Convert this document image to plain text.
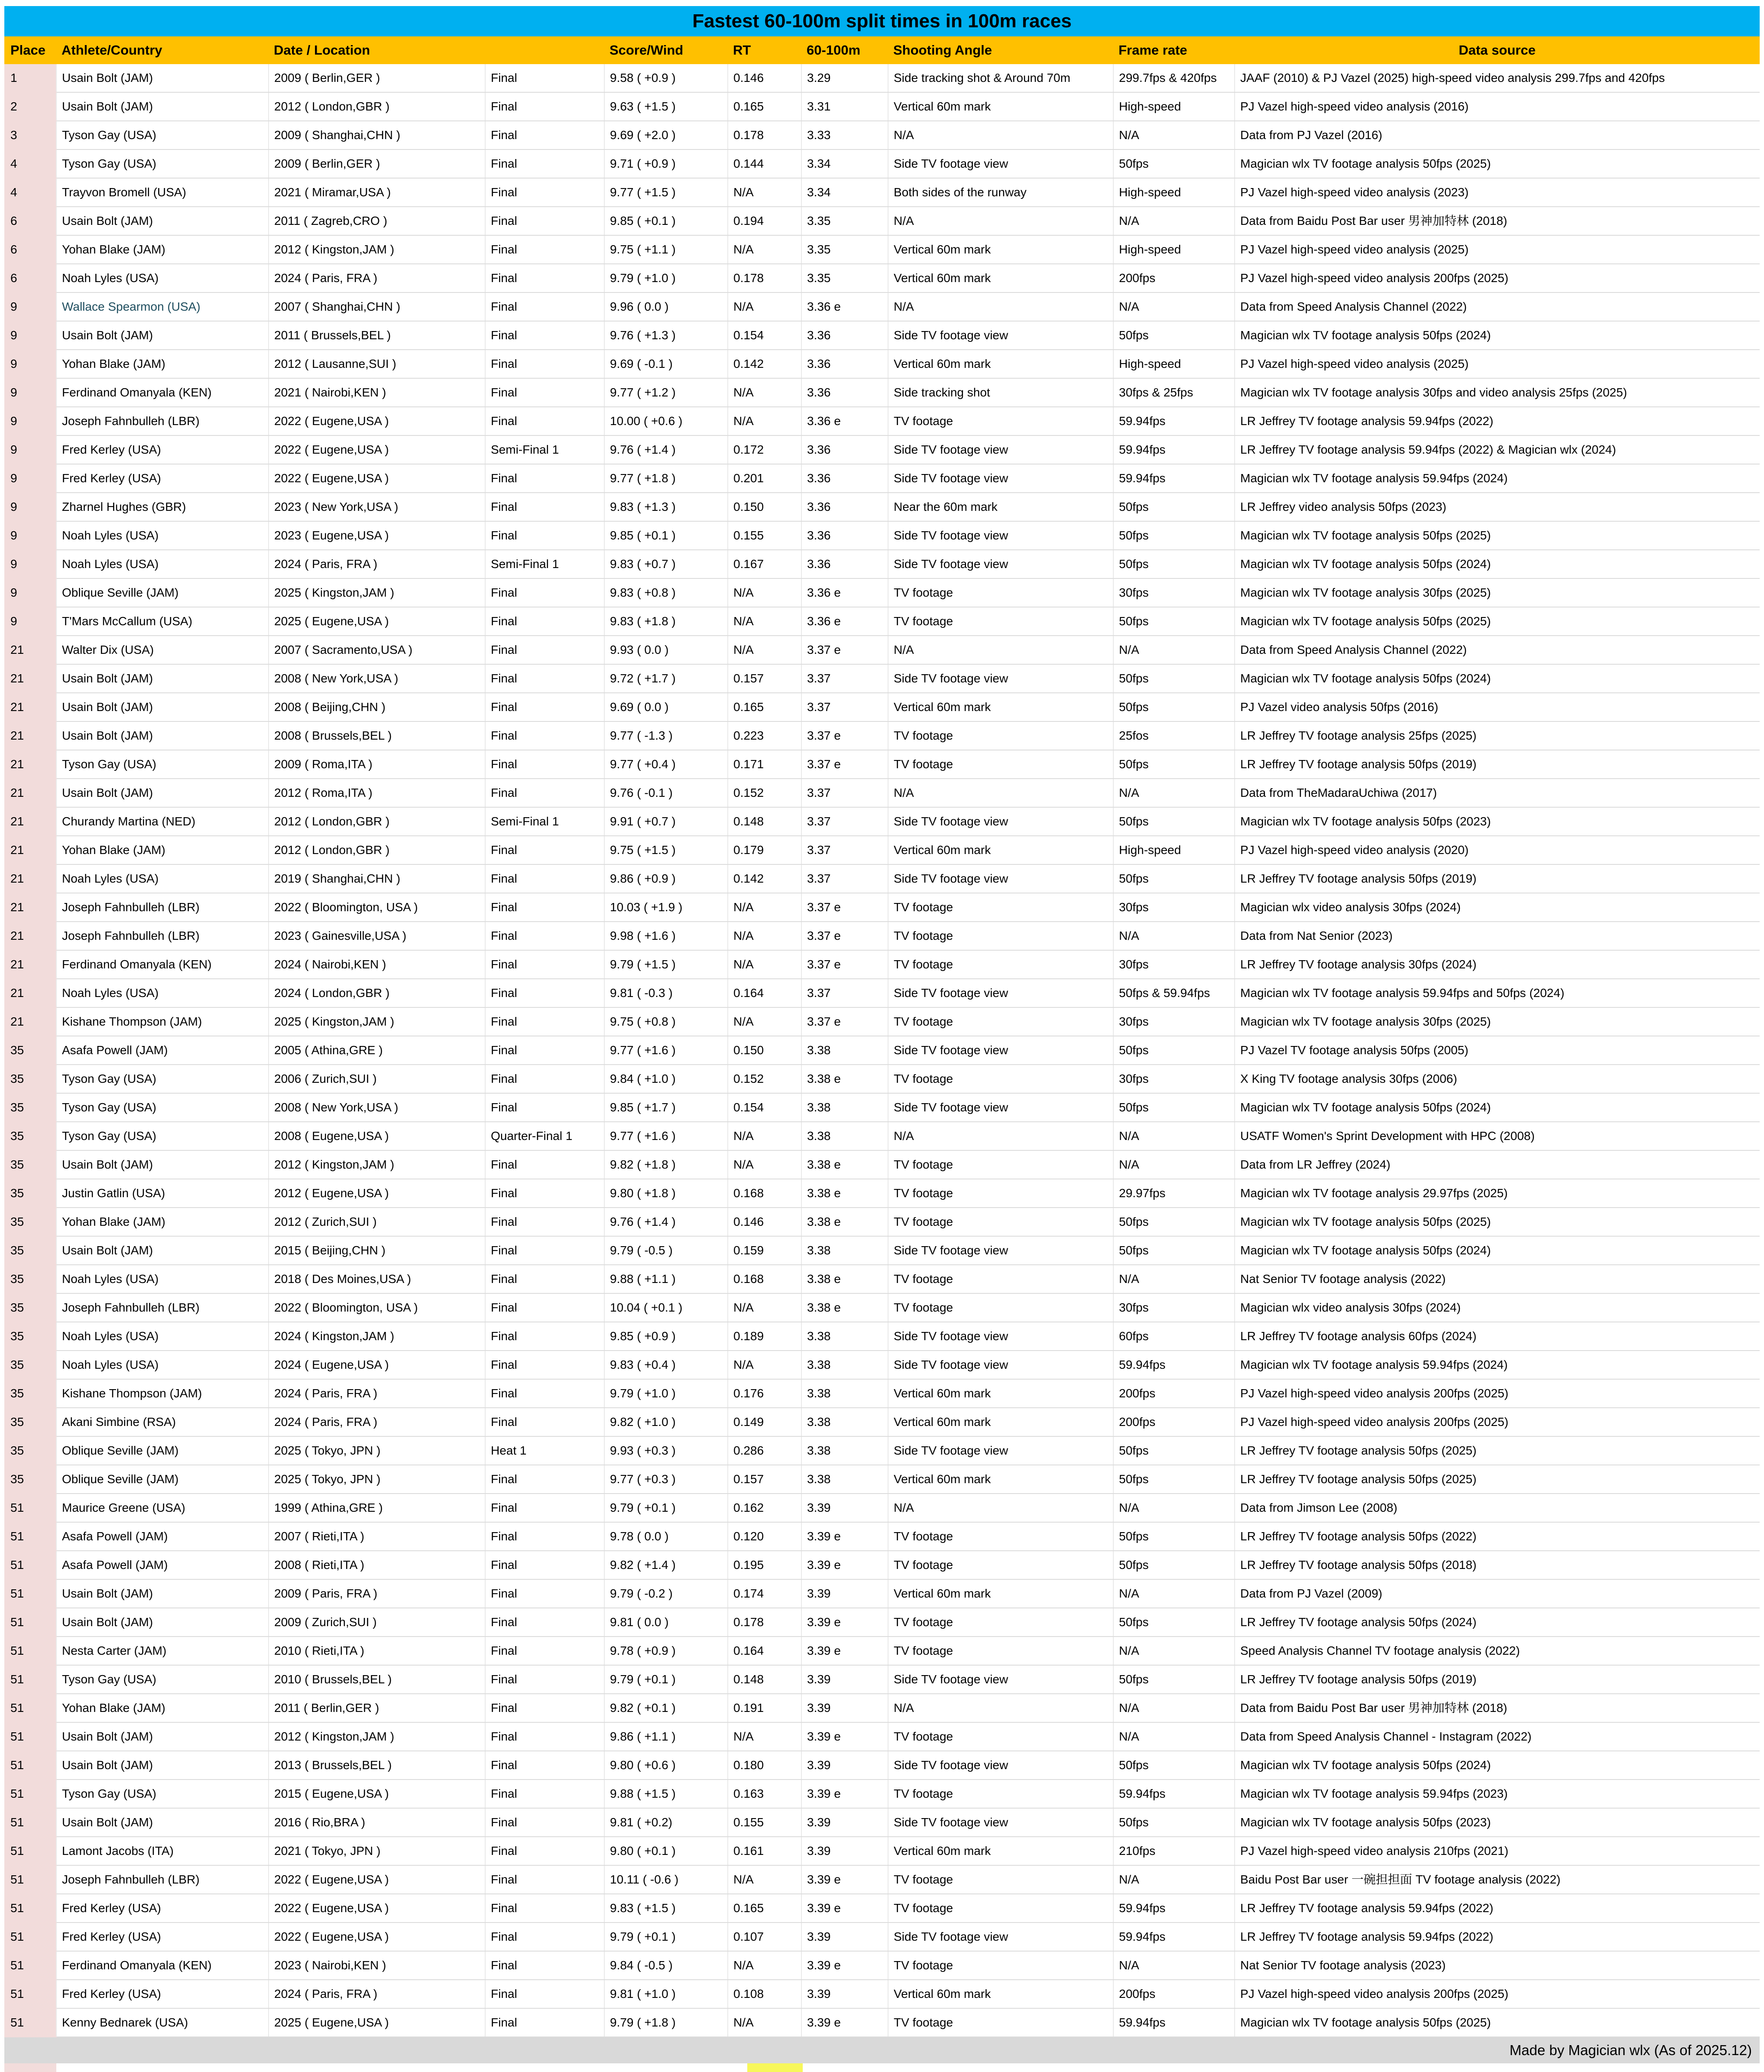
Fastest 60-100m split times in 100m races
Place	Athlete/Country	Date / Location		Score/Wind	RT	60-100m	Shooting Angle	Frame rate	Data source
1	Usain Bolt (JAM)	2009 ( Berlin,GER )	Final	9.58 ( +0.9 )	0.146	3.29	Side tracking shot & Around 70m	299.7fps & 420fps	JAAF (2010) & PJ Vazel (2025) high-speed video analysis 299.7fps and 420fps
2	Usain Bolt (JAM)	2012 ( London,GBR )	Final	9.63 ( +1.5 )	0.165	3.31	Vertical 60m mark	High-speed	PJ Vazel high-speed video analysis (2016)
3	Tyson Gay (USA)	2009 ( Shanghai,CHN )	Final	9.69 ( +2.0 )	0.178	3.33	N/A	N/A	Data from PJ Vazel (2016)
4	Tyson Gay (USA)	2009 ( Berlin,GER )	Final	9.71 ( +0.9 )	0.144	3.34	Side TV footage view	50fps	Magician wlx TV footage analysis 50fps (2025)
4	Trayvon Bromell (USA)	2021 ( Miramar,USA )	Final	9.77 ( +1.5 )	N/A	3.34	Both sides of the runway	High-speed	PJ Vazel high-speed video analysis (2023)
6	Usain Bolt (JAM)	2011 ( Zagreb,CRO )	Final	9.85 ( +0.1 )	0.194	3.35	N/A	N/A	Data from Baidu Post Bar user 男神加特林 (2018)
6	Yohan Blake (JAM)	2012 ( Kingston,JAM )	Final	9.75 ( +1.1 )	N/A	3.35	Vertical 60m mark	High-speed	PJ Vazel high-speed video analysis (2025)
6	Noah Lyles (USA)	2024 ( Paris, FRA )	Final	9.79 ( +1.0 )	0.178	3.35	Vertical 60m mark	200fps	PJ Vazel high-speed video analysis 200fps (2025)
9	Wallace Spearmon (USA)	2007 ( Shanghai,CHN )	Final	9.96 ( 0.0 )	N/A	3.36 e	N/A	N/A	Data from Speed Analysis Channel (2022)
9	Usain Bolt (JAM)	2011 ( Brussels,BEL )	Final	9.76 ( +1.3 )	0.154	3.36	Side TV footage view	50fps	Magician wlx TV footage analysis 50fps (2024)
9	Yohan Blake (JAM)	2012 ( Lausanne,SUI )	Final	9.69 ( -0.1 )	0.142	3.36	Vertical 60m mark	High-speed	PJ Vazel high-speed video analysis (2025)
9	Ferdinand Omanyala (KEN)	2021 ( Nairobi,KEN )	Final	9.77 ( +1.2 )	N/A	3.36	Side tracking shot	30fps & 25fps	Magician wlx TV footage analysis 30fps and video analysis 25fps (2025)
9	Joseph Fahnbulleh (LBR)	2022 ( Eugene,USA )	Final	10.00 ( +0.6 )	N/A	3.36 e	TV footage	59.94fps	LR Jeffrey TV footage analysis 59.94fps (2022)
9	Fred Kerley (USA)	2022 ( Eugene,USA )	Semi-Final 1	9.76 ( +1.4 )	0.172	3.36	Side TV footage view	59.94fps	LR Jeffrey TV footage analysis 59.94fps (2022) & Magician wlx (2024)
9	Fred Kerley (USA)	2022 ( Eugene,USA )	Final	9.77 ( +1.8 )	0.201	3.36	Side TV footage view	59.94fps	Magician wlx TV footage analysis 59.94fps (2024)
9	Zharnel Hughes (GBR)	2023 ( New York,USA )	Final	9.83 ( +1.3 )	0.150	3.36	Near the 60m mark	50fps	LR Jeffrey video analysis 50fps (2023)
9	Noah Lyles (USA)	2023 ( Eugene,USA )	Final	9.85 ( +0.1 )	0.155	3.36	Side TV footage view	50fps	Magician wlx TV footage analysis 50fps (2025)
9	Noah Lyles (USA)	2024 ( Paris, FRA )	Semi-Final 1	9.83 ( +0.7 )	0.167	3.36	Side TV footage view	50fps	Magician wlx TV footage analysis 50fps (2024)
9	Oblique Seville (JAM)	2025 ( Kingston,JAM )	Final	9.83 ( +0.8 )	N/A	3.36 e	TV footage	30fps	Magician wlx TV footage analysis 30fps (2025)
9	T'Mars McCallum (USA)	2025 ( Eugene,USA )	Final	9.83 ( +1.8 )	N/A	3.36 e	TV footage	50fps	Magician wlx TV footage analysis 50fps (2025)
21	Walter Dix (USA)	2007 ( Sacramento,USA )	Final	9.93 ( 0.0 )	N/A	3.37 e	N/A	N/A	Data from Speed Analysis Channel (2022)
21	Usain Bolt (JAM)	2008 ( New York,USA )	Final	9.72 ( +1.7 )	0.157	3.37	Side TV footage view	50fps	Magician wlx TV footage analysis 50fps (2024)
21	Usain Bolt (JAM)	2008 ( Beijing,CHN )	Final	9.69 ( 0.0 )	0.165	3.37	Vertical 60m mark	50fps	PJ Vazel video analysis 50fps (2016)
21	Usain Bolt (JAM)	2008 ( Brussels,BEL )	Final	9.77 ( -1.3 )	0.223	3.37 e	TV footage	25fos	LR Jeffrey TV footage analysis 25fps (2025)
21	Tyson Gay (USA)	2009 ( Roma,ITA )	Final	9.77 ( +0.4 )	0.171	3.37 e	TV footage	50fps	LR Jeffrey TV footage analysis 50fps (2019)
21	Usain Bolt (JAM)	2012 ( Roma,ITA )	Final	9.76 ( -0.1 )	0.152	3.37	N/A	N/A	Data from TheMadaraUchiwa (2017)
21	Churandy Martina (NED)	2012 ( London,GBR )	Semi-Final 1	9.91 ( +0.7 )	0.148	3.37	Side TV footage view	50fps	Magician wlx TV footage analysis 50fps (2023)
21	Yohan Blake (JAM)	2012 ( London,GBR )	Final	9.75 ( +1.5 )	0.179	3.37	Vertical 60m mark	High-speed	PJ Vazel high-speed video analysis (2020)
21	Noah Lyles (USA)	2019 ( Shanghai,CHN )	Final	9.86 ( +0.9 )	0.142	3.37	Side TV footage view	50fps	LR Jeffrey TV footage analysis 50fps (2019)
21	Joseph Fahnbulleh (LBR)	2022 ( Bloomington, USA )	Final	10.03 ( +1.9 )	N/A	3.37 e	TV footage	30fps	Magician wlx video analysis 30fps (2024)
21	Joseph Fahnbulleh (LBR)	2023 ( Gainesville,USA )	Final	9.98 ( +1.6 )	N/A	3.37 e	TV footage	N/A	Data from Nat Senior (2023)
21	Ferdinand Omanyala (KEN)	2024 ( Nairobi,KEN )	Final	9.79 ( +1.5 )	N/A	3.37 e	TV footage	30fps	LR Jeffrey TV footage analysis 30fps (2024)
21	Noah Lyles (USA)	2024 ( London,GBR )	Final	9.81 ( -0.3 )	0.164	3.37	Side TV footage view	50fps & 59.94fps	Magician wlx TV footage analysis 59.94fps and 50fps (2024)
21	Kishane Thompson (JAM)	2025 ( Kingston,JAM )	Final	9.75 ( +0.8 )	N/A	3.37 e	TV footage	30fps	Magician wlx TV footage analysis 30fps (2025)
35	Asafa Powell (JAM)	2005 ( Athina,GRE )	Final	9.77 ( +1.6 )	0.150	3.38	Side TV footage view	50fps	PJ Vazel TV footage analysis 50fps (2005)
35	Tyson Gay (USA)	2006 ( Zurich,SUI )	Final	9.84 ( +1.0 )	0.152	3.38 e	TV footage	30fps	X King TV footage analysis 30fps (2006)
35	Tyson Gay (USA)	2008 ( New York,USA )	Final	9.85 ( +1.7 )	0.154	3.38	Side TV footage view	50fps	Magician wlx TV footage analysis 50fps (2024)
35	Tyson Gay (USA)	2008 ( Eugene,USA )	Quarter-Final 1	9.77 ( +1.6 )	N/A	3.38	N/A	N/A	USATF Women's Sprint Development with HPC (2008)
35	Usain Bolt (JAM)	2012 ( Kingston,JAM )	Final	9.82 ( +1.8 )	N/A	3.38 e	TV footage	N/A	Data from LR Jeffrey (2024)
35	Justin Gatlin (USA)	2012 ( Eugene,USA )	Final	9.80 ( +1.8 )	0.168	3.38 e	TV footage	29.97fps	Magician wlx TV footage analysis 29.97fps (2025)
35	Yohan Blake (JAM)	2012 ( Zurich,SUI )	Final	9.76 ( +1.4 )	0.146	3.38 e	TV footage	50fps	Magician wlx TV footage analysis 50fps (2025)
35	Usain Bolt (JAM)	2015 ( Beijing,CHN )	Final	9.79 ( -0.5 )	0.159	3.38	Side TV footage view	50fps	Magician wlx TV footage analysis 50fps (2024)
35	Noah Lyles (USA)	2018 ( Des Moines,USA )	Final	9.88 ( +1.1 )	0.168	3.38 e	TV footage	N/A	Nat Senior TV footage analysis (2022)
35	Joseph Fahnbulleh (LBR)	2022 ( Bloomington, USA )	Final	10.04 ( +0.1 )	N/A	3.38 e	TV footage	30fps	Magician wlx video analysis 30fps (2024)
35	Noah Lyles (USA)	2024 ( Kingston,JAM )	Final	9.85 ( +0.9 )	0.189	3.38	Side TV footage view	60fps	LR Jeffrey TV footage analysis 60fps (2024)
35	Noah Lyles (USA)	2024 ( Eugene,USA )	Final	9.83 ( +0.4 )	N/A	3.38	Side TV footage view	59.94fps	Magician wlx TV footage analysis 59.94fps (2024)
35	Kishane Thompson (JAM)	2024 ( Paris, FRA )	Final	9.79 ( +1.0 )	0.176	3.38	Vertical 60m mark	200fps	PJ Vazel high-speed video analysis 200fps (2025)
35	Akani Simbine (RSA)	2024 ( Paris, FRA )	Final	9.82 ( +1.0 )	0.149	3.38	Vertical 60m mark	200fps	PJ Vazel high-speed video analysis 200fps (2025)
35	Oblique Seville (JAM)	2025 ( Tokyo, JPN )	Heat 1	9.93 ( +0.3 )	0.286	3.38	Side TV footage view	50fps	LR Jeffrey TV footage analysis 50fps (2025)
35	Oblique Seville (JAM)	2025 ( Tokyo, JPN )	Final	9.77 ( +0.3 )	0.157	3.38	Vertical 60m mark	50fps	LR Jeffrey TV footage analysis 50fps (2025)
51	Maurice Greene (USA)	1999 ( Athina,GRE )	Final	9.79 ( +0.1 )	0.162	3.39	N/A	N/A	Data from Jimson Lee (2008)
51	Asafa Powell (JAM)	2007 ( Rieti,ITA )	Final	9.78 ( 0.0 )	0.120	3.39 e	TV footage	50fps	LR Jeffrey TV footage analysis 50fps (2022)
51	Asafa Powell (JAM)	2008 ( Rieti,ITA )	Final	9.82 ( +1.4 )	0.195	3.39 e	TV footage	50fps	LR Jeffrey TV footage analysis 50fps (2018)
51	Usain Bolt (JAM)	2009 ( Paris, FRA )	Final	9.79 ( -0.2 )	0.174	3.39	Vertical 60m mark	N/A	Data from PJ Vazel (2009)
51	Usain Bolt (JAM)	2009 ( Zurich,SUI )	Final	9.81 ( 0.0 )	0.178	3.39 e	TV footage	50fps	LR Jeffrey TV footage analysis 50fps (2024)
51	Nesta Carter (JAM)	2010 ( Rieti,ITA )	Final	9.78 ( +0.9 )	0.164	3.39 e	TV footage	N/A	Speed Analysis Channel TV footage analysis (2022)
51	Tyson Gay (USA)	2010 ( Brussels,BEL )	Final	9.79 ( +0.1 )	0.148	3.39	Side TV footage view	50fps	LR Jeffrey TV footage analysis 50fps (2019)
51	Yohan Blake (JAM)	2011 ( Berlin,GER )	Final	9.82 ( +0.1 )	0.191	3.39	N/A	N/A	Data from Baidu Post Bar user 男神加特林 (2018)
51	Usain Bolt (JAM)	2012 ( Kingston,JAM )	Final	9.86 ( +1.1 )	N/A	3.39 e	TV footage	N/A	Data from Speed Analysis Channel - Instagram (2022)
51	Usain Bolt (JAM)	2013 ( Brussels,BEL )	Final	9.80 ( +0.6 )	0.180	3.39	Side TV footage view	50fps	Magician wlx TV footage analysis 50fps (2024)
51	Tyson Gay (USA)	2015 ( Eugene,USA )	Final	9.88 ( +1.5 )	0.163	3.39 e	TV footage	59.94fps	Magician wlx TV footage analysis 59.94fps (2023)
51	Usain Bolt (JAM)	2016 ( Rio,BRA )	Final	9.81 ( +0.2)	0.155	3.39	Side TV footage view	50fps	Magician wlx TV footage analysis 50fps (2023)
51	Lamont Jacobs (ITA)	2021 ( Tokyo, JPN )	Final	9.80 ( +0.1 )	0.161	3.39	Vertical 60m mark	210fps	PJ Vazel high-speed video analysis 210fps (2021)
51	Joseph Fahnbulleh (LBR)	2022 ( Eugene,USA )	Final	10.11 ( -0.6 )	N/A	3.39 e	TV footage	N/A	Baidu Post Bar user 一碗担担面 TV footage analysis (2022)
51	Fred Kerley (USA)	2022 ( Eugene,USA )	Final	9.83 ( +1.5 )	0.165	3.39 e	TV footage	59.94fps	LR Jeffrey TV footage analysis 59.94fps (2022)
51	Fred Kerley (USA)	2022 ( Eugene,USA )	Final	9.79 ( +0.1 )	0.107	3.39	Side TV footage view	59.94fps	LR Jeffrey TV footage analysis 59.94fps (2022)
51	Ferdinand Omanyala (KEN)	2023 ( Nairobi,KEN )	Final	9.84 ( -0.5 )	N/A	3.39 e	TV footage	N/A	Nat Senior TV footage analysis (2023)
51	Fred Kerley (USA)	2024 ( Paris, FRA )	Final	9.81 ( +1.0 )	0.108	3.39	Vertical 60m mark	200fps	PJ Vazel high-speed video analysis 200fps (2025)
51	Kenny Bednarek (USA)	2025 ( Eugene,USA )	Final	9.79 ( +1.8 )	N/A	3.39 e	TV footage	59.94fps	Magician wlx TV footage analysis 50fps (2025)
Made by Magician wlx (As of 2025.12)
